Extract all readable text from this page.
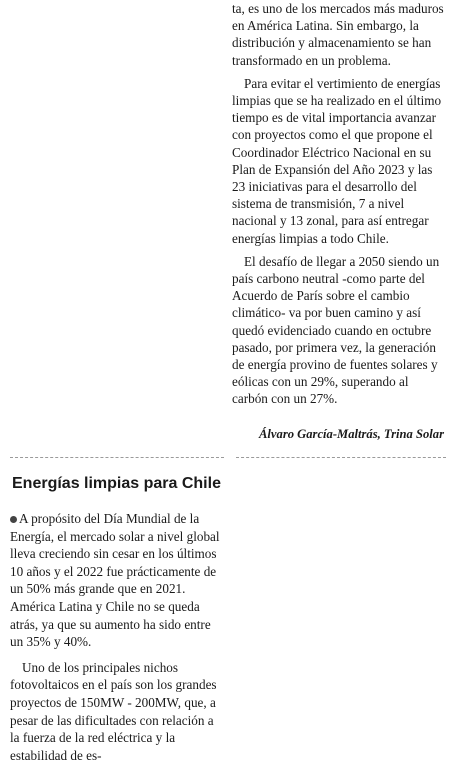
ta, es uno de los mercados más maduros en América Latina. Sin embargo, la distribución y almacenamiento se han transformado en un problema.

Para evitar el vertimiento de energías limpias que se ha realizado en el último tiempo es de vital importancia avanzar con proyectos como el que propone el Coordinador Eléctrico Nacional en su Plan de Expansión del Año 2023 y las 23 iniciativas para el desarrollo del sistema de transmisión, 7 a nivel nacional y 13 zonal, para así entregar energías limpias a todo Chile.

El desafío de llegar a 2050 siendo un país carbono neutral -como parte del Acuerdo de París sobre el cambio climático- va por buen camino y así quedó evidenciado cuando en octubre pasado, por primera vez, la generación de energía provino de fuentes solares y eólicas con un 29%, superando al carbón con un 27%.

Álvaro García-Maltrás, Trina Solar
Energías limpias para Chile

A propósito del Día Mundial de la Energía, el mercado solar a nivel global lleva creciendo sin cesar en los últimos 10 años y el 2022 fue prácticamente de un 50% más grande que en 2021. América Latina y Chile no se queda atrás, ya que su aumento ha sido entre un 35% y 40%.

Uno de los principales nichos fotovoltaicos en el país son los grandes proyectos de 150MW - 200MW, que, a pesar de las dificultades con relación a la fuerza de la red eléctrica y la estabilidad de es-
